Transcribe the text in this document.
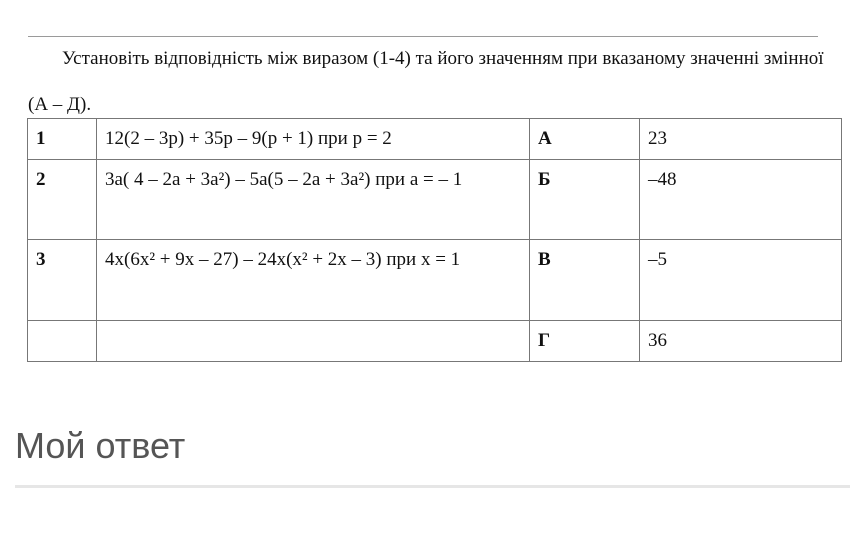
Установіть відповідність між виразом (1-4) та його значенням при вказаному значенні змінної (А – Д).

1	12(2 – 3p) + 35p – 9(p + 1) при p = 2	А	23
2	3a( 4 – 2a + 3a²) – 5a(5 – 2a + 3a²) при a = – 1	Б	–48
3	4x(6x² + 9x – 27) – 24x(x² + 2x – 3) при x = 1	В	–5
		Г	36
Мой ответ
